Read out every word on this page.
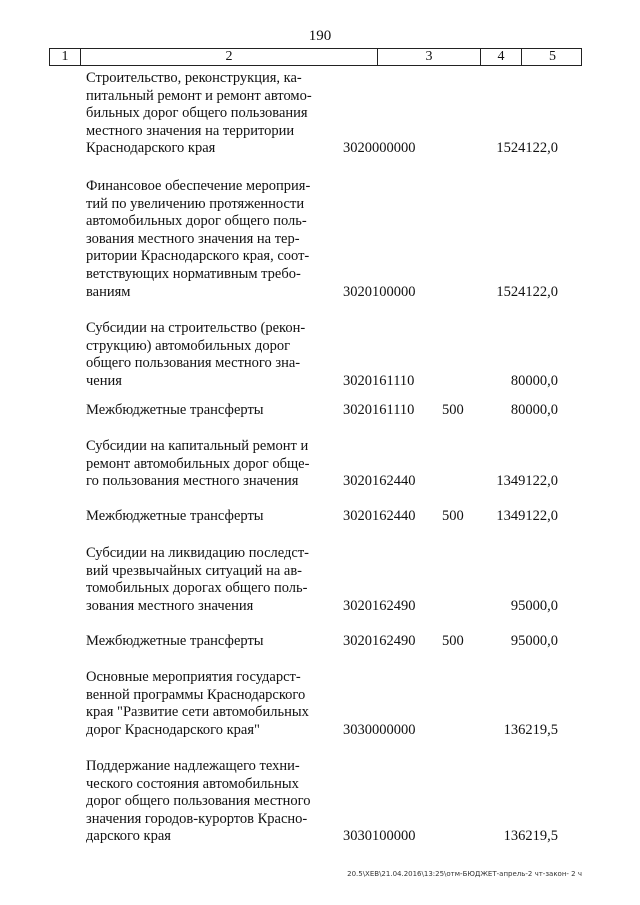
190
1	2	3	4	5
Строительство, реконструкция, ка-
питальный ремонт и ремонт автомо-
бильных дорог общего пользования
местного значения на территории
Краснодарского края	3020000000	1524122,0
Финансовое обеспечение мероприя-
тий по увеличению протяженности
автомобильных дорог общего поль-
зования местного значения на тер-
ритории Краснодарского края, соот-
ветствующих нормативным требо-
ваниям	3020100000	1524122,0
Субсидии на строительство (рекон-
струкцию) автомобильных дорог
общего пользования местного зна-
чения	3020161110	80000,0
Межбюджетные трансферты	3020161110 500	80000,0
Субсидии на капитальный ремонт и
ремонт автомобильных дорог обще-
го пользования местного значения	3020162440	1349122,0
Межбюджетные трансферты	3020162440 500 1349122,0
Субсидии на ликвидацию последст-
вий чрезвычайных ситуаций на ав-
томобильных дорогах общего поль-
зования местного значения	3020162490	95000,0
Межбюджетные трансферты	3020162490 500	95000,0
Основные мероприятия государст-
венной программы Краснодарского
края "Развитие сети автомобильных
дорог Краснодарского края"	3030000000	136219,5
Поддержание надлежащего техни-
ческого состояния автомобильных
дорог общего пользования местного
значения городов-курортов Красно-
дарского края	3030100000	136219,5
20.5\ХЕВ\21.04.2016\13:25\отм-БЮДЖЕТ-апрель-2 чт-закон- 2 ч
